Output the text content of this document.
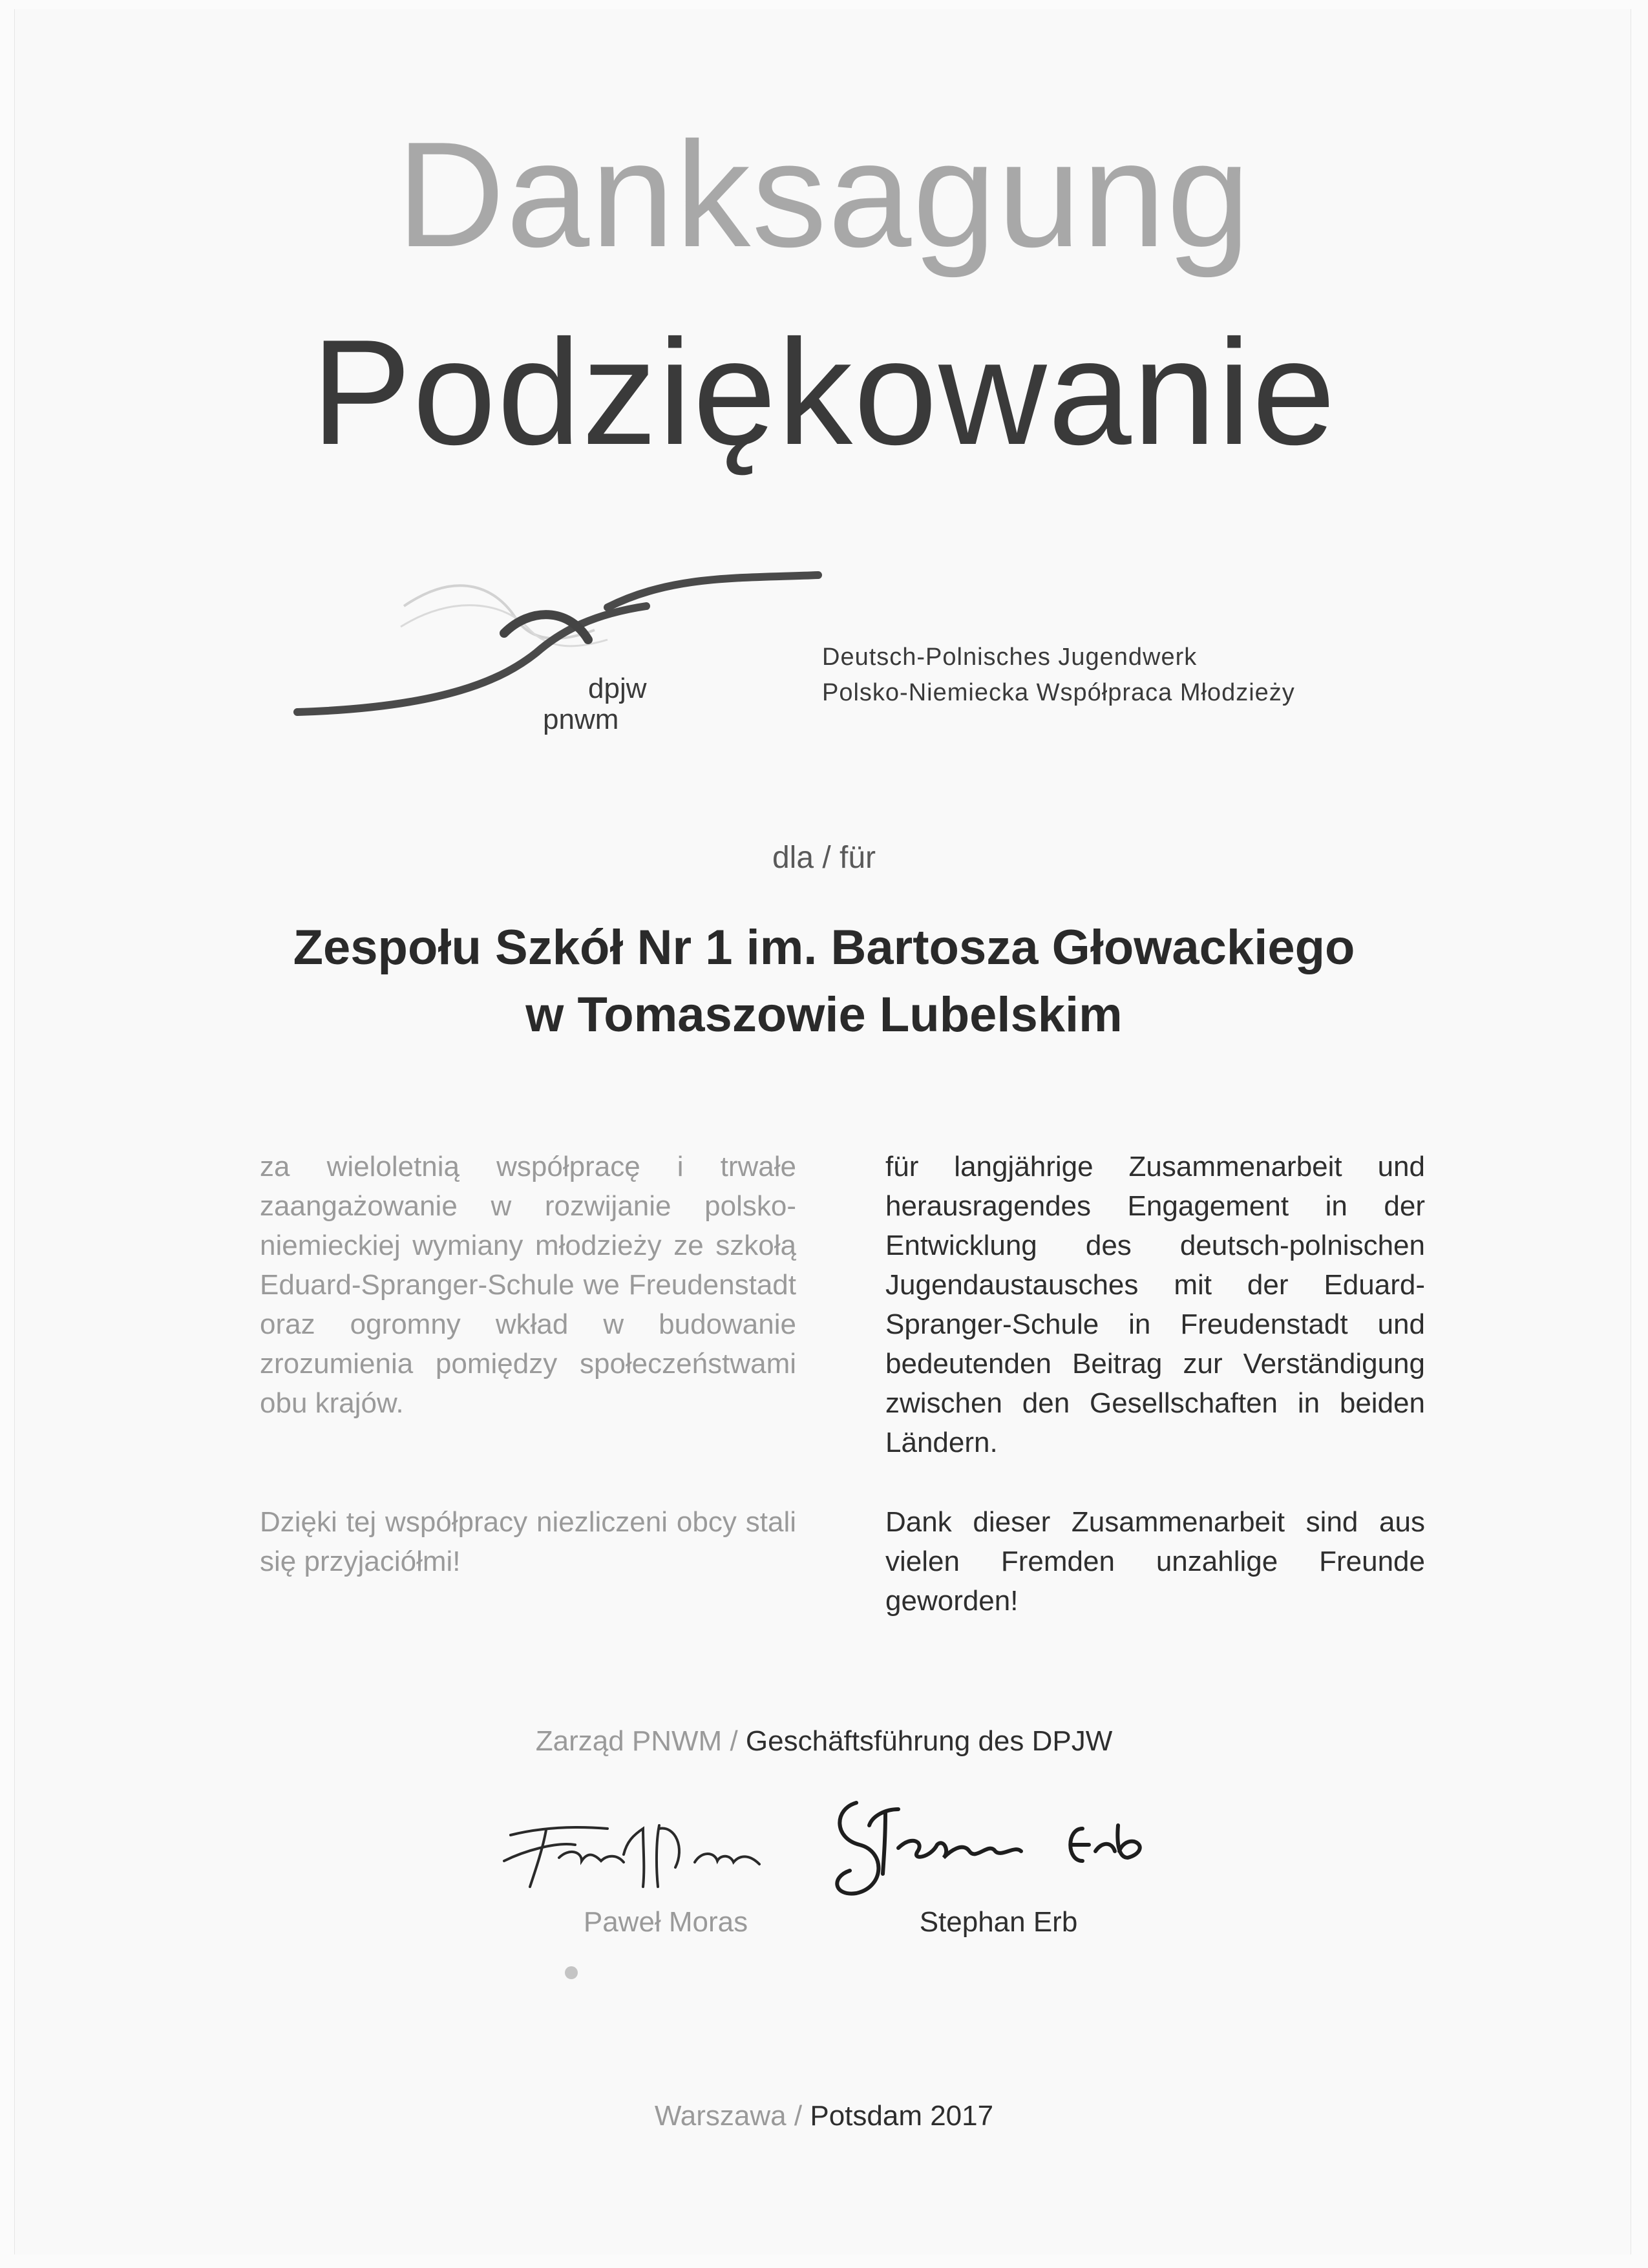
Danksagung
Podziękowanie
dpjw
pnwm
Deutsch-Polnisches Jugendwerk
Polsko-Niemiecka Współpraca Młodzieży
dla / für
Zespołu Szkół Nr 1 im. Bartosza Głowackiego
w Tomaszowie Lubelskim

za wieloletnią współpracę i trwałe zaangażowanie w rozwijanie polsko-niemieckiej wymiany młodzieży ze szkołą Eduard-Spranger-Schule we Freudenstadt oraz ogromny wkład w budowanie zrozumienia pomiędzy społeczeństwami obu krajów.

für langjährige Zusammenarbeit und herausragendes Engagement in der Entwicklung des deutsch-polnischen Jugendaustausches mit der Eduard-Spranger-Schule in Freudenstadt und bedeutenden Beitrag zur Verständigung zwischen den Gesellschaften in beiden Ländern.

Dzięki tej współpracy niezliczeni obcy stali się przyjaciółmi!

Dank dieser Zusammenarbeit sind aus vielen Fremden unzahlige Freunde geworden!

Zarząd PNWM / Geschäftsführung des DPJW
Paweł Moras	Stephan Erb
Warszawa / Potsdam 2017
